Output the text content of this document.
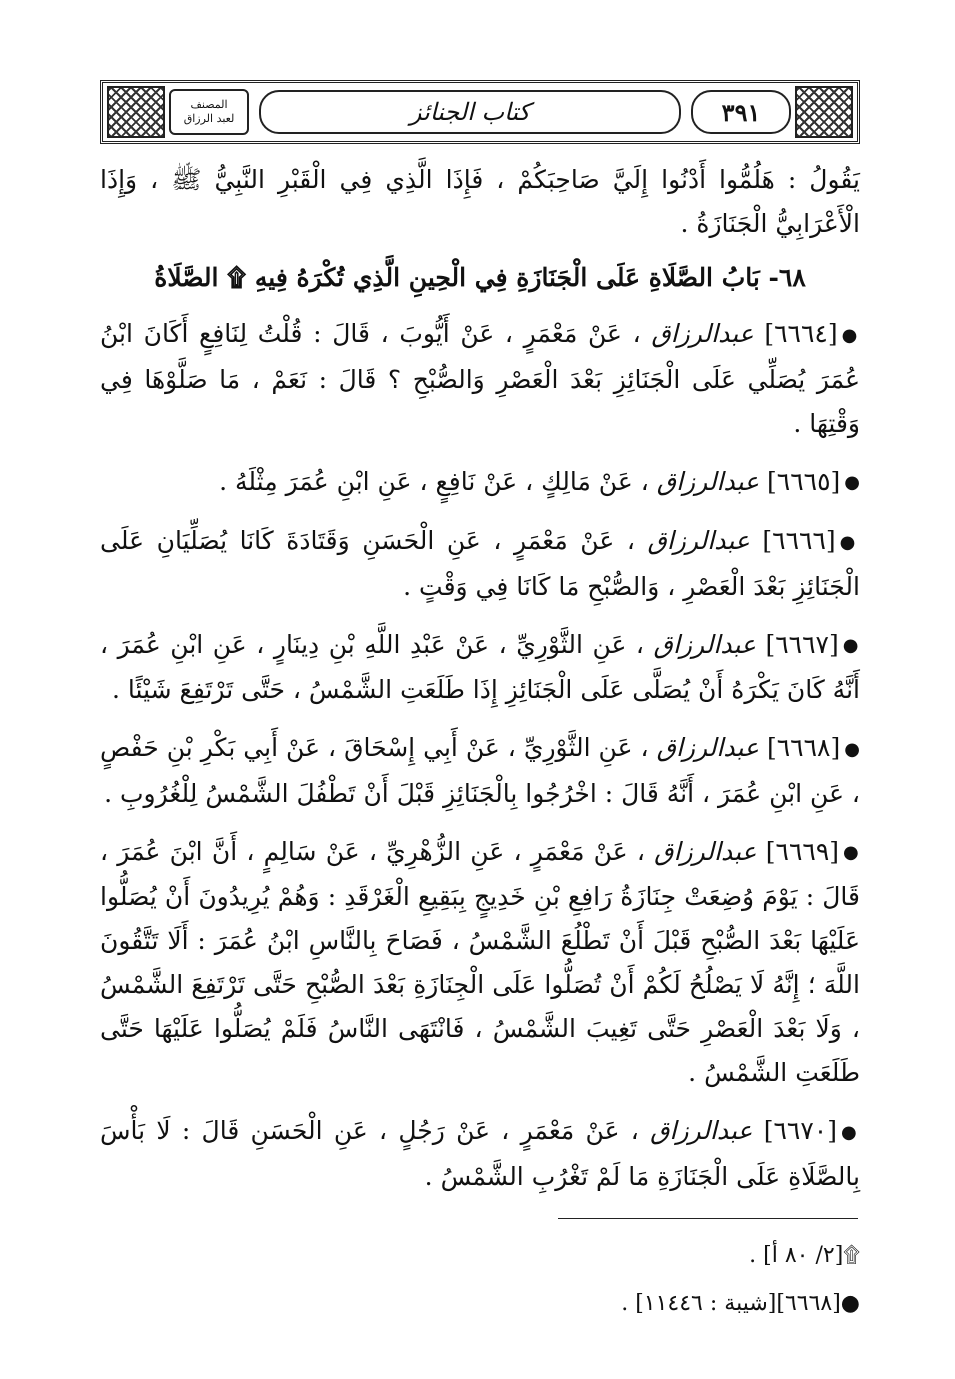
المصنف
لعبد الرزاق	كتاب الجنائز	٣٩١

يَقُولُ : هَلُمُّوا أَدْنُوا إِلَيَّ صَاحِبَكُمْ ، فَإِذَا الَّذِي فِي الْقَبْرِ النَّبِيُّ ﷺ ، وَإِذَا الْأَعْرَابِيُّ الْجَنَازَةُ .

٦٨- بَابُ الصَّلَاةِ عَلَى الْجَنَازَةِ فِي الْحِينِ الَّذِي تُكْرَهُ فِيهِ ۩ الصَّلَاةُ

●[٦٦٦٤] عبدالرزاق ، عَنْ مَعْمَرٍ ، عَنْ أَيُّوبَ ، قَالَ : قُلْتُ لِنَافِعٍ أَكَانَ ابْنُ عُمَرَ يُصَلِّي عَلَى الْجَنَائِزِ بَعْدَ الْعَصْرِ وَالصُّبْحِ ؟ قَالَ : نَعَمْ ، مَا صَلَّوْهَا فِي وَقْتِهَا .

●[٦٦٦٥] عبدالرزاق ، عَنْ مَالِكٍ ، عَنْ نَافِعٍ ، عَنِ ابْنِ عُمَرَ مِثْلَهُ .

●[٦٦٦٦] عبدالرزاق ، عَنْ مَعْمَرٍ ، عَنِ الْحَسَنِ وَقَتَادَةَ كَانَا يُصَلِّيَانِ عَلَى الْجَنَائِزِ بَعْدَ الْعَصْرِ ، وَالصُّبْحِ مَا كَانَا فِي وَقْتٍ .

●[٦٦٦٧] عبدالرزاق ، عَنِ الثَّوْرِيِّ ، عَنْ عَبْدِ اللَّهِ بْنِ دِينَارٍ ، عَنِ ابْنِ عُمَرَ ، أَنَّهُ كَانَ يَكْرَهُ أَنْ يُصَلَّى عَلَى الْجَنَائِزِ إِذَا طَلَعَتِ الشَّمْسُ ، حَتَّى تَرْتَفِعَ شَيْئًا .

●[٦٦٦٨] عبدالرزاق ، عَنِ الثَّوْرِيِّ ، عَنْ أَبِي إِسْحَاقَ ، عَنْ أَبِي بَكْرِ بْنِ حَفْصٍ ، عَنِ ابْنِ عُمَرَ ، أَنَّهُ قَالَ : اخْرُجُوا بِالْجَنَائِزِ قَبْلَ أَنْ تَطْفُلَ الشَّمْسُ لِلْغُرُوبِ .

●[٦٦٦٩] عبدالرزاق ، عَنْ مَعْمَرٍ ، عَنِ الزُّهْرِيِّ ، عَنْ سَالِمٍ ، أَنَّ ابْنَ عُمَرَ ، قَالَ : يَوْمَ وُضِعَتْ جِنَازَةُ رَافِعِ بْنِ خَدِيجٍ بِبَقِيعِ الْغَرْقَدِ : وَهُمْ يُرِيدُونَ أَنْ يُصَلُّوا عَلَيْهَا بَعْدَ الصُّبْحِ قَبْلَ أَنْ تَطْلُعَ الشَّمْسُ ، فَصَاحَ بِالنَّاسِ ابْنُ عُمَرَ : أَلَا تَتَّقُونَ اللَّهَ ؛ إِنَّهُ لَا يَصْلُحُ لَكُمْ أَنْ تُصَلُّوا عَلَى الْجِنَازَةِ بَعْدَ الصُّبْحِ حَتَّى تَرْتَفِعَ الشَّمْسُ ، وَلَا بَعْدَ الْعَصْرِ حَتَّى تَغِيبَ الشَّمْسُ ، فَانْتَهَى النَّاسُ فَلَمْ يُصَلُّوا عَلَيْهَا حَتَّى طَلَعَتِ الشَّمْسُ .

●[٦٦٧٠] عبدالرزاق ، عَنْ مَعْمَرٍ ، عَنْ رَجُلٍ ، عَنِ الْحَسَنِ قَالَ : لَا بَأْسَ بِالصَّلَاةِ عَلَى الْجَنَازَةِ مَا لَمْ تَغْرُبِ الشَّمْسُ .

۩[٢/ ٨٠ أ] .
●[٦٦٦٨][شيبة : ١١٤٤٦] .
